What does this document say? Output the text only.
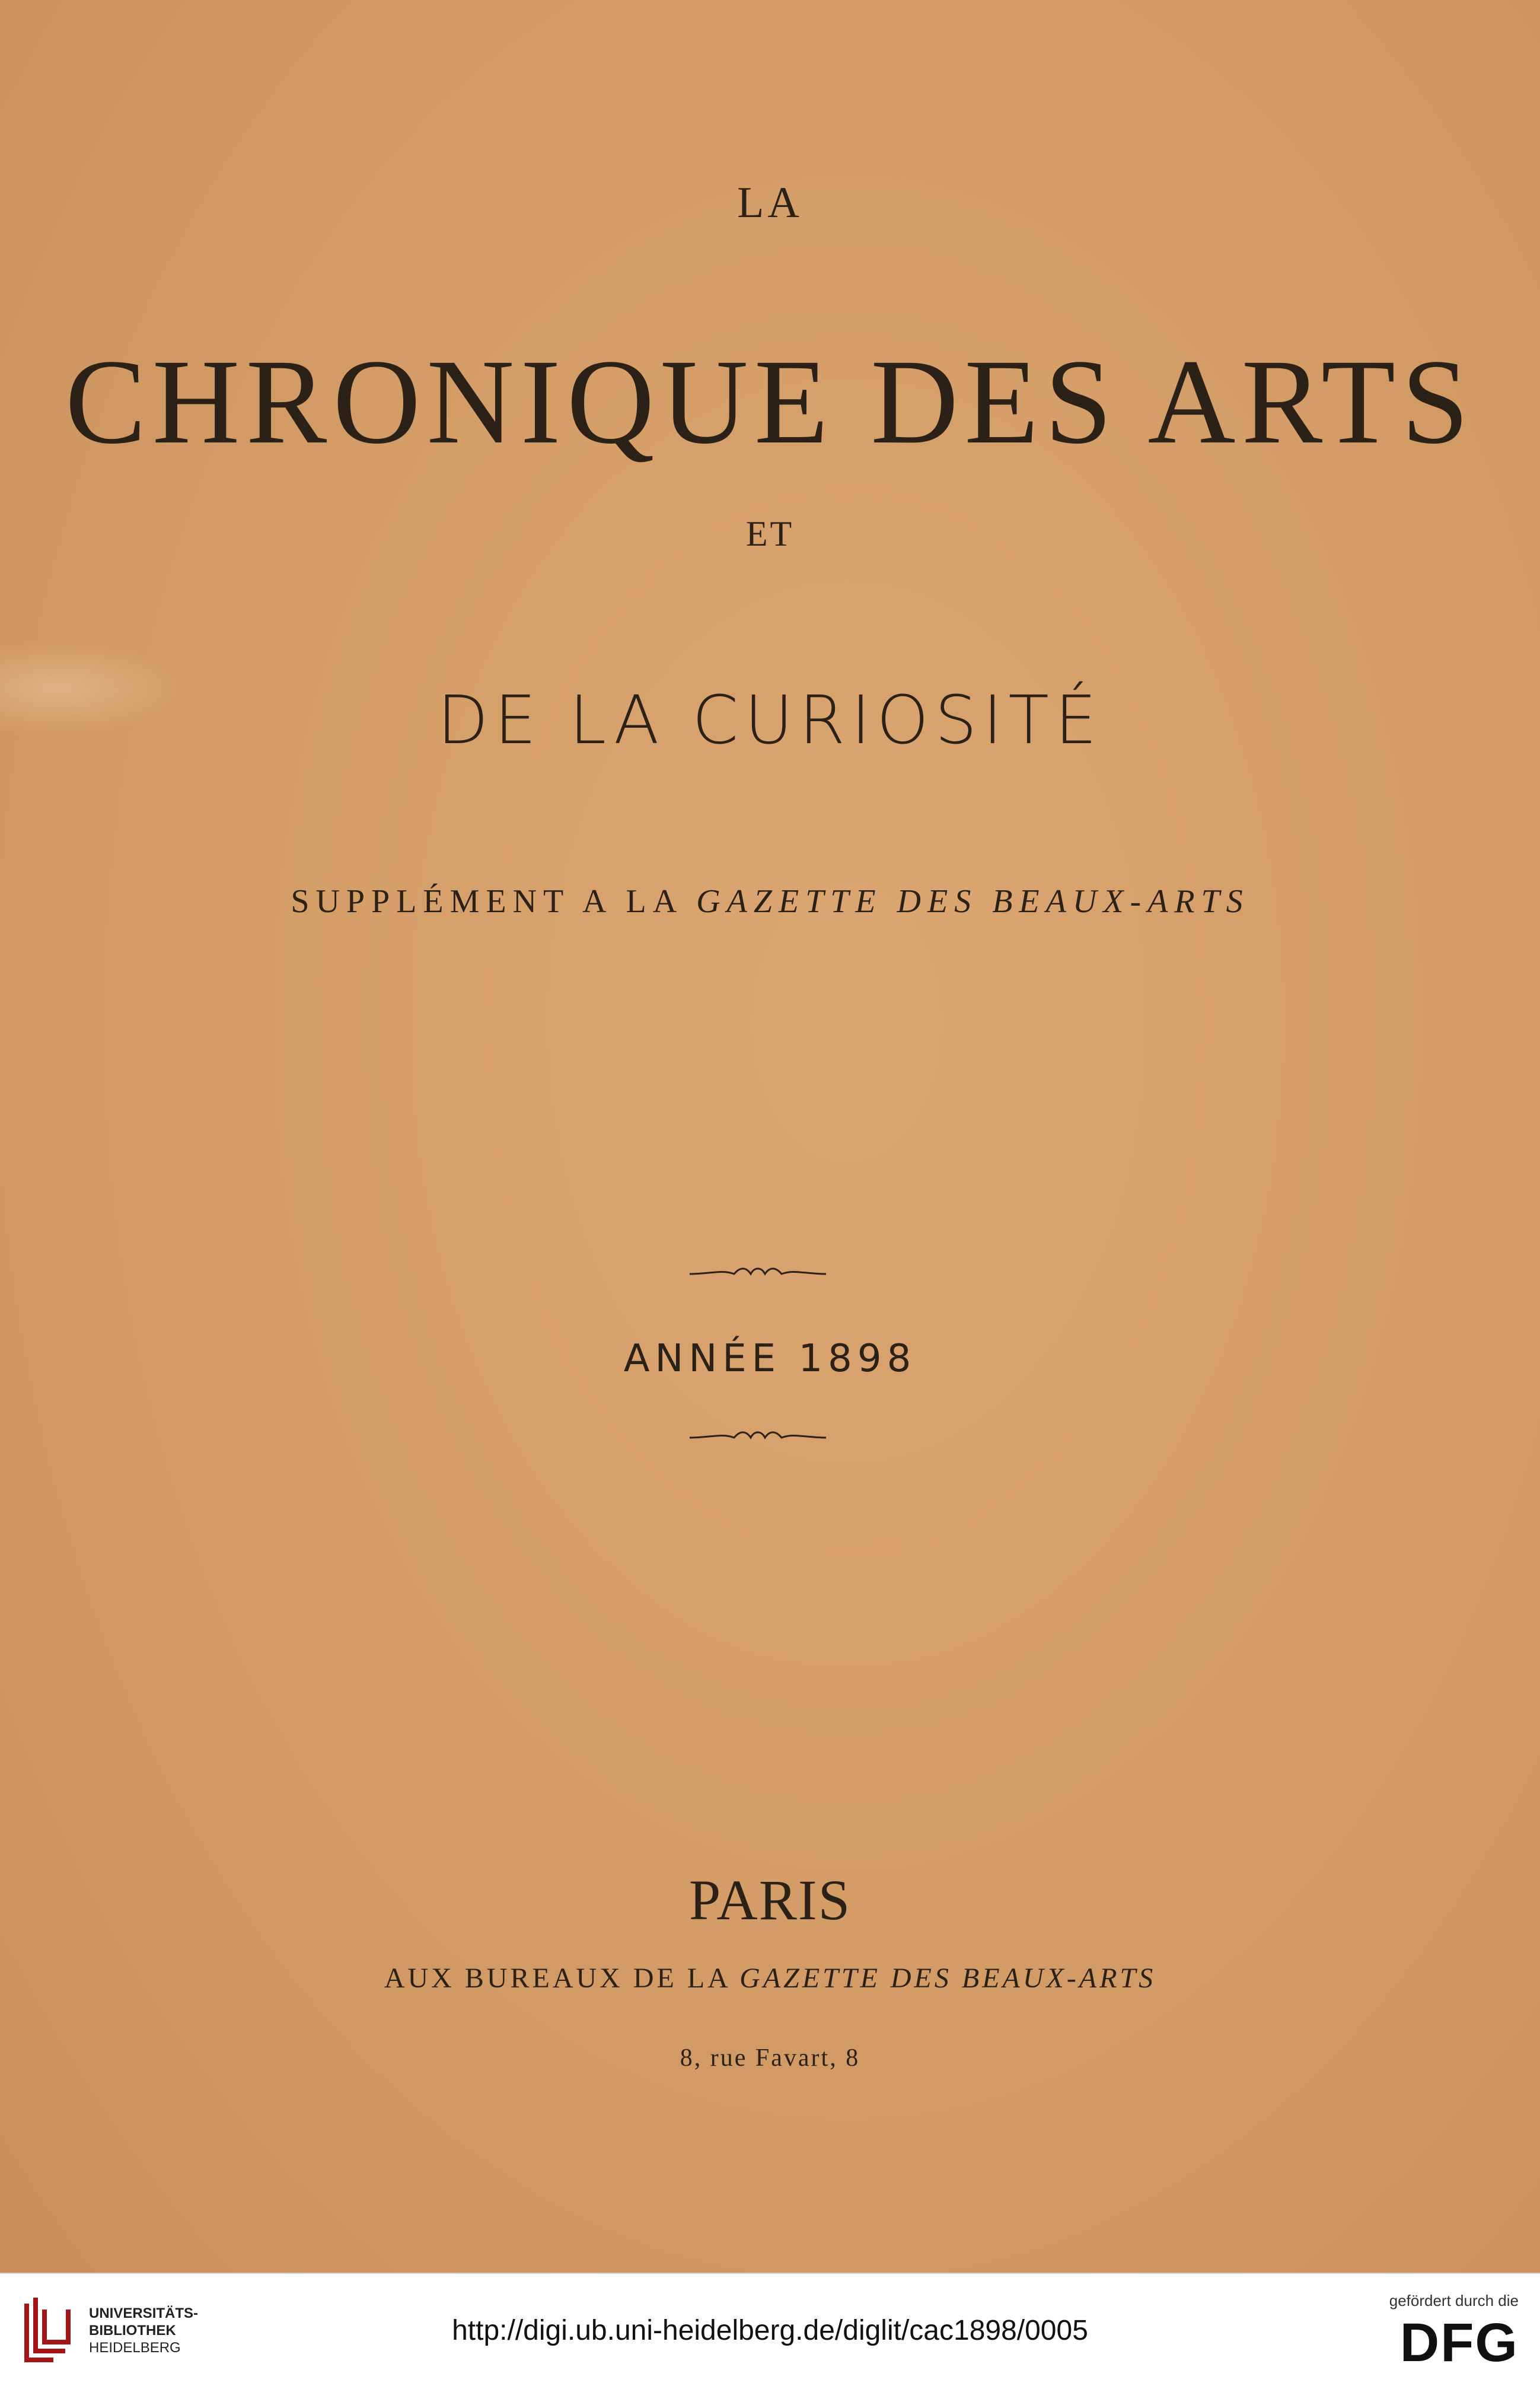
LA
CHRONIQUE DES ARTS
ET
DE LA CURIOSITÉ
SUPPLÉMENT A LA GAZETTE DES BEAUX-ARTS
ANNÉE 1898
PARIS
AUX BUREAUX DE LA GAZETTE DES BEAUX-ARTS
8, rue Favart, 8
UNIVERSITÄTS-
BIBLIOTHEK
HEIDELBERG
http://digi.ub.uni-heidelberg.de/diglit/cac1898/0005
gefördert durch die
DFG
